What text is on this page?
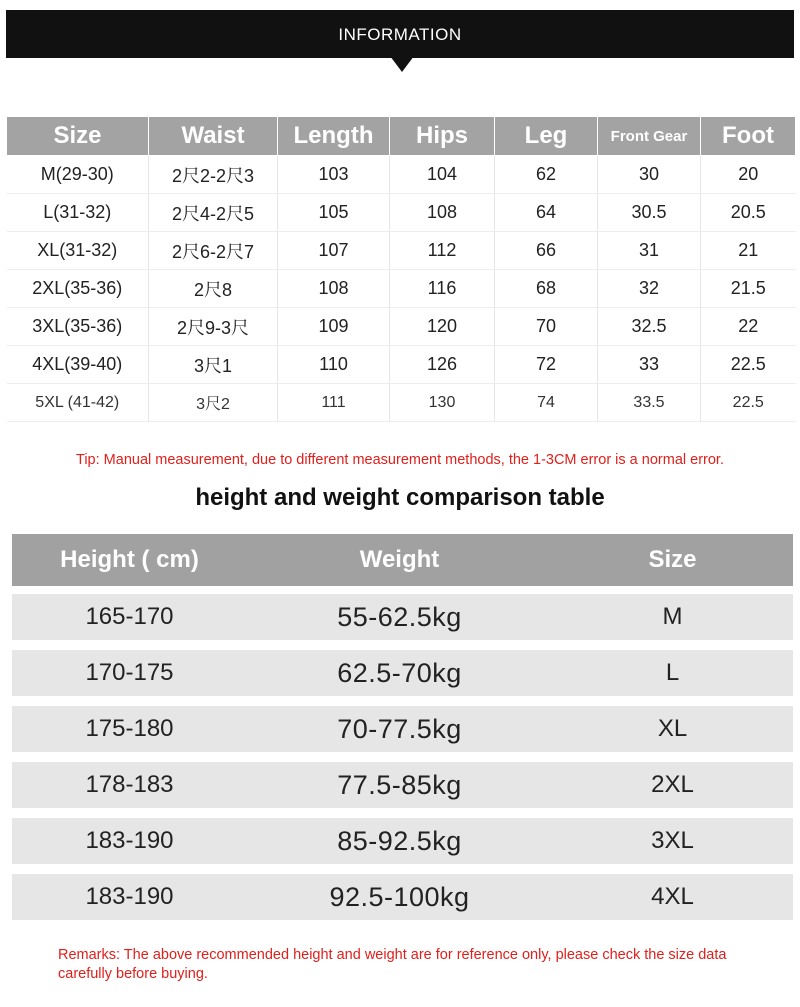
INFORMATION
Size	Waist	Length	Hips	Leg	Front Gear	Foot
M(29-30)	2尺2-2尺3	103	104	62	30	20
L(31-32)	2尺4-2尺5	105	108	64	30.5	20.5
XL(31-32)	2尺6-2尺7	107	112	66	31	21
2XL(35-36)	2尺8	108	116	68	32	21.5
3XL(35-36)	2尺9-3尺	109	120	70	32.5	22
4XL(39-40)	3尺1	110	126	72	33	22.5
5XL (41-42)	3尺2	111	130	74	33.5	22.5
Tip: Manual measurement, due to different measurement methods, the 1-3CM error is a normal error.
height and weight comparison table
Height ( cm)	Weight	Size
165-170	55-62.5kg	M
170-175	62.5-70kg	L
175-180	70-77.5kg	XL
178-183	77.5-85kg	2XL
183-190	85-92.5kg	3XL
183-190	92.5-100kg	4XL
Remarks: The above recommended height and weight are for reference only, please check the size data carefully before buying.
